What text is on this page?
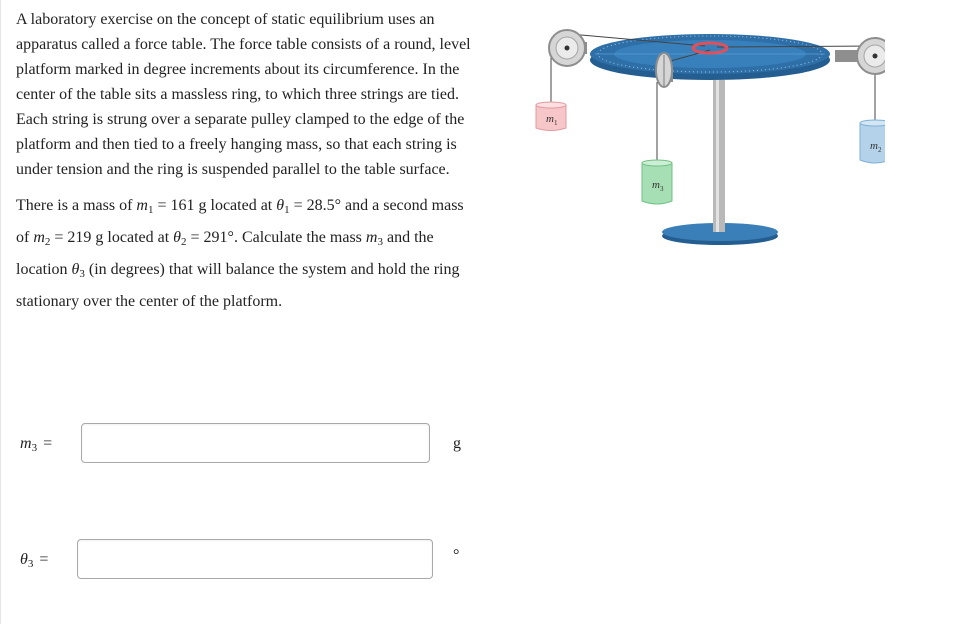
A laboratory exercise on the concept of static equilibrium uses an apparatus called a force table. The force table consists of a round, level platform marked in degree increments about its circumference. In the center of the table sits a massless ring, to which three strings are tied. Each string is strung over a separate pulley clamped to the edge of the platform and then tied to a freely hanging mass, so that each string is under tension and the ring is suspended parallel to the table surface.

There is a mass of $m_1 = 161$ g located at $\theta_1 = 28.5^\circ$ and a second mass of $m_2 = 219$ g located at $\theta_2 = 291^\circ$. Calculate the mass $m_3$ and the location $\theta_3$ (in degrees) that will balance the system and hold the ring stationary over the center of the platform.

$m_1$
$m_2$
$m_3$
$m_3$ =	g
$\theta_3$ =	°
